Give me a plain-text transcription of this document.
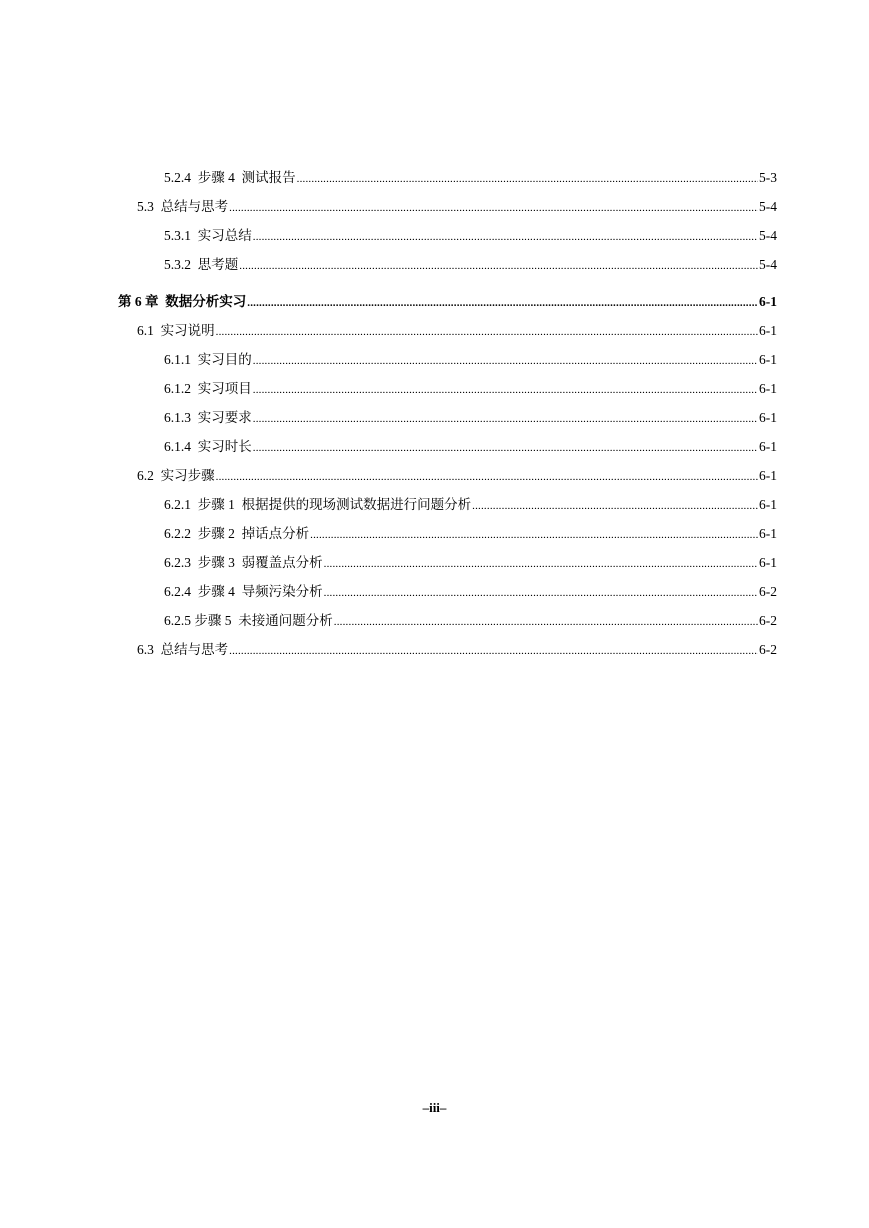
5.2.4  步骤 4  测试报告 .....	5-3
5.3  总结与思考 .....	5-4
5.3.1  实习总结 .....	5-4
5.3.2  思考题 .....	5-4
第 6 章  数据分析实习 .....	6-1
6.1  实习说明 .....	6-1
6.1.1  实习目的 .....	6-1
6.1.2  实习项目 .....	6-1
6.1.3  实习要求 .....	6-1
6.1.4  实习时长 .....	6-1
6.2  实习步骤 .....	6-1
6.2.1  步骤 1  根据提供的现场测试数据进行问题分析 .....	6-1
6.2.2  步骤 2  掉话点分析 .....	6-1
6.2.3  步骤 3  弱覆盖点分析 .....	6-1
6.2.4  步骤 4  导频污染分析 .....	6-2
6.2.5 步骤 5  未接通问题分析 .....	6-2
6.3  总结与思考 .....	6-2
–iii–
